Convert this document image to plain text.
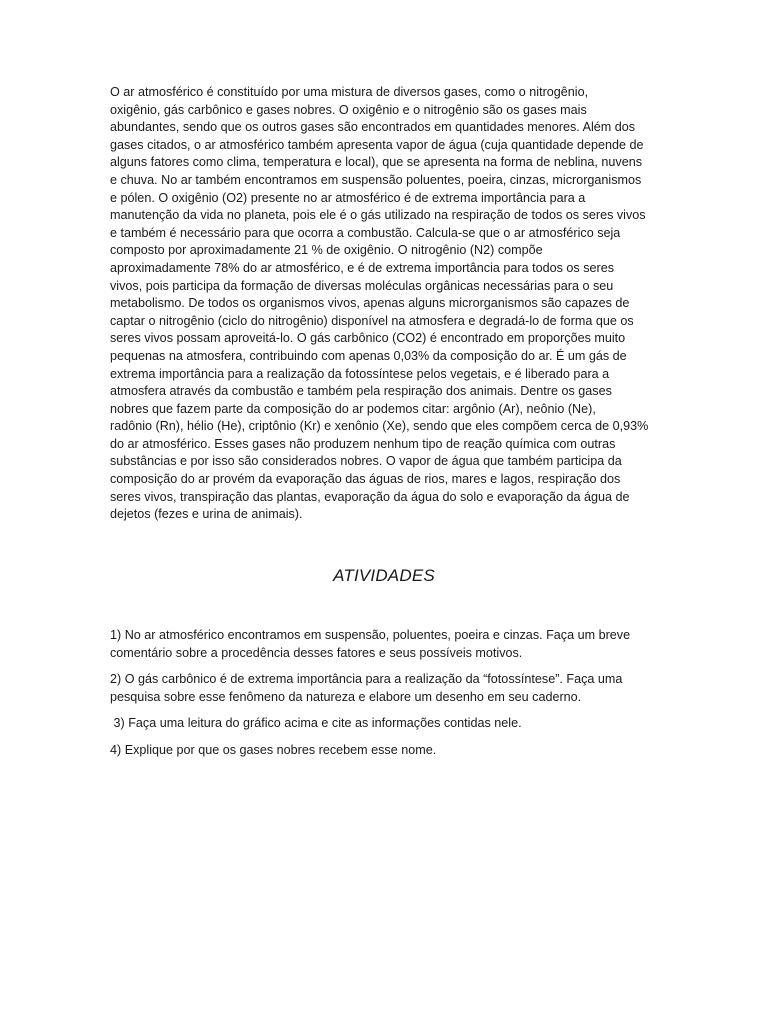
O ar atmosférico é constituído por uma mistura de diversos gases, como o nitrogênio,
oxigênio, gás carbônico e gases nobres. O oxigênio e o nitrogênio são os gases mais
abundantes, sendo que os outros gases são encontrados em quantidades menores. Além dos
gases citados, o ar atmosférico também apresenta vapor de água (cuja quantidade depende de
alguns fatores como clima, temperatura e local), que se apresenta na forma de neblina, nuvens
e chuva. No ar também encontramos em suspensão poluentes, poeira, cinzas, microrganismos
e pólen. O oxigênio (O2) presente no ar atmosférico é de extrema importância para a
manutenção da vida no planeta, pois ele é o gás utilizado na respiração de todos os seres vivos
e também é necessário para que ocorra a combustão. Calcula-se que o ar atmosférico seja
composto por aproximadamente 21 % de oxigênio. O nitrogênio (N2) compõe
aproximadamente 78% do ar atmosférico, e é de extrema importância para todos os seres
vivos, pois participa da formação de diversas moléculas orgânicas necessárias para o seu
metabolismo. De todos os organismos vivos, apenas alguns microrganismos são capazes de
captar o nitrogênio (ciclo do nitrogênio) disponível na atmosfera e degradá-lo de forma que os
seres vivos possam aproveitá-lo. O gás carbônico (CO2) é encontrado em proporções muito
pequenas na atmosfera, contribuindo com apenas 0,03% da composição do ar. É um gás de
extrema importância para a realização da fotossíntese pelos vegetais, e é liberado para a
atmosfera através da combustão e também pela respiração dos animais. Dentre os gases
nobres que fazem parte da composição do ar podemos citar: argônio (Ar), neônio (Ne),
radônio (Rn), hélio (He), criptônio (Kr) e xenônio (Xe), sendo que eles compõem cerca de 0,93%
do ar atmosférico. Esses gases não produzem nenhum tipo de reação química com outras
substâncias e por isso são considerados nobres. O vapor de água que também participa da
composição do ar provém da evaporação das águas de rios, mares e lagos, respiração dos
seres vivos, transpiração das plantas, evaporação da água do solo e evaporação da água de
dejetos (fezes e urina de animais).
ATIVIDADES
1) No ar atmosférico encontramos em suspensão, poluentes, poeira e cinzas. Faça um breve
comentário sobre a procedência desses fatores e seus possíveis motivos.
2) O gás carbônico é de extrema importância para a realização da “fotossíntese”. Faça uma
pesquisa sobre esse fenômeno da natureza e elabore um desenho em seu caderno.
3) Faça uma leitura do gráfico acima e cite as informações contidas nele.
4) Explique por que os gases nobres recebem esse nome.
